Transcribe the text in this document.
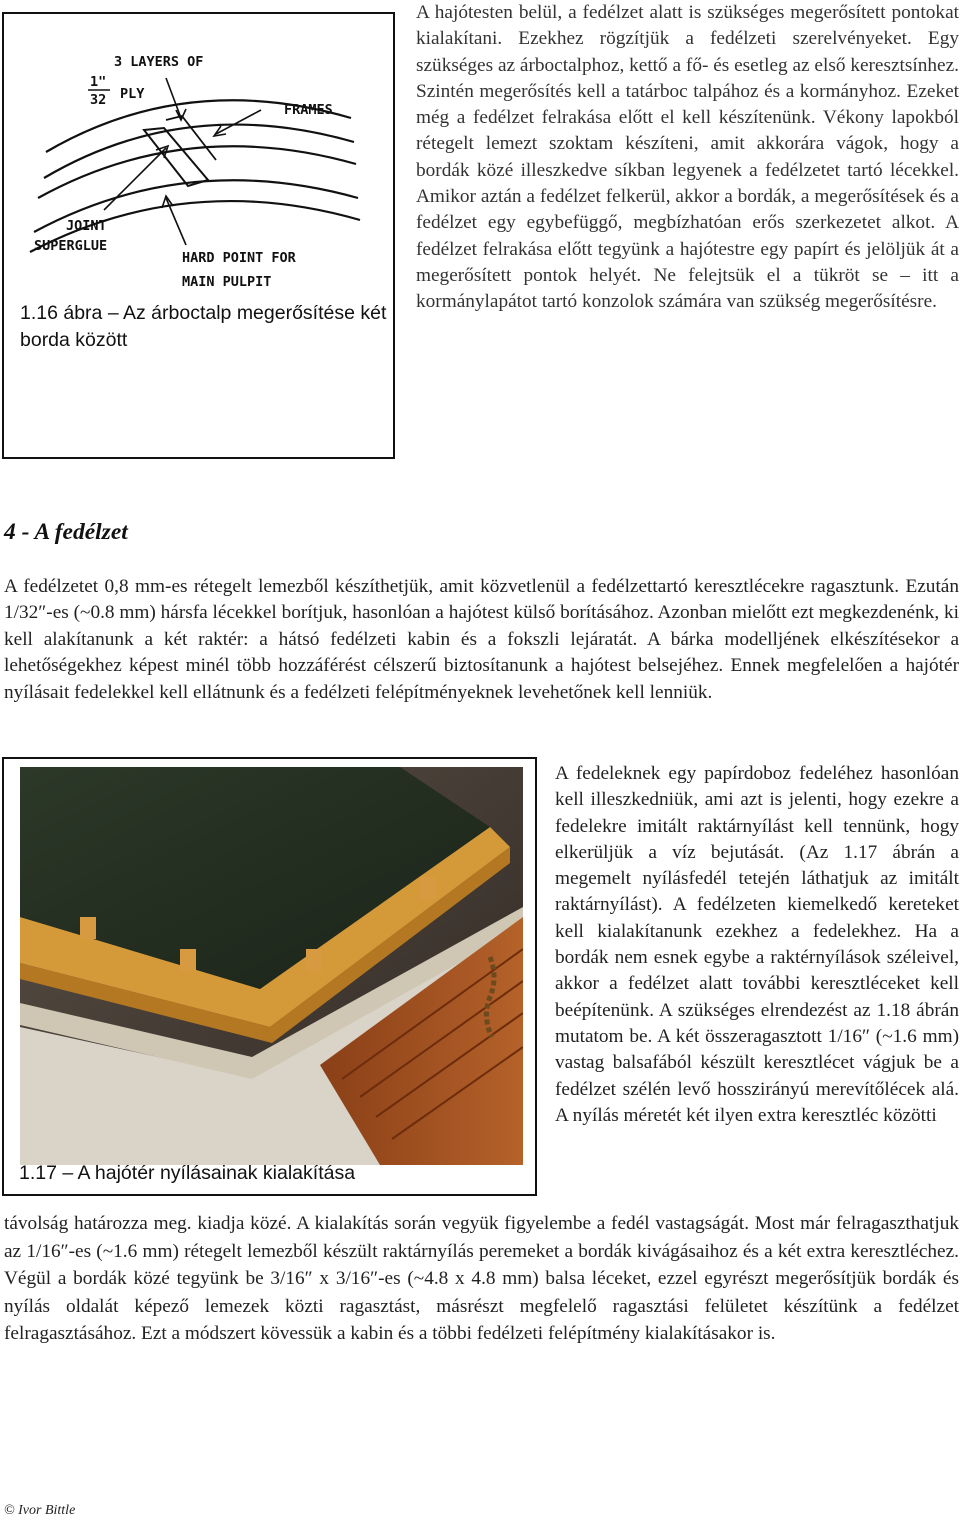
3 LAYERS OF
1"
32 PLY
FRAMES
JOINT
SUPERGLUE
HARD POINT FOR
MAIN PULPIT
1.16 ábra – Az árboctalp megerősítése két borda között

A hajótesten belül, a fedélzet alatt is szükséges megerősített pontokat kialakítani. Ezekhez rögzítjük a fedélzeti szerelvényeket. Egy szükséges az árboctalphoz, kettő a fő- és esetleg az első keresztsínhez. Szintén megerősítés kell a tatárboc talpához és a kormányhoz. Ezeket még a fedélzet felrakása előtt el kell készítenünk. Vékony lapokból rétegelt lemezt szoktam készíteni, amit akkorára vágok, hogy a bordák közé illeszkedve síkban legyenek a fedélzetet tartó lécekkel. Amikor aztán a fedélzet felkerül, akkor a bordák, a megerősítések és a fedélzet egy egybefüggő, megbízhatóan erős szerkezetet alkot. A fedélzet felrakása előtt tegyünk a hajótestre egy papírt és jelöljük át a megerősített pontok helyét. Ne felejtsük el a tükröt se – itt a kormánylapátot tartó konzolok számára van szükség megerősítésre.

4 - A fedélzet
A fedélzetet 0,8 mm-es rétegelt lemezből készíthetjük, amit közvetlenül a fedélzettartó keresztlécekre ragasztunk. Ezután 1/32″-es (~0.8 mm) hársfa lécekkel borítjuk, hasonlóan a hajótest külső borításához. Azonban mielőtt ezt megkezdenénk, ki kell alakítanunk a két raktér: a hátsó fedélzeti kabin és a fokszli lejáratát. A bárka modelljének elkészítésekor a lehetőségekhez képest minél több hozzáférést célszerű biztosítanunk a hajótest belsejéhez. Ennek megfelelően a hajótér nyílásait fedelekkel kell ellátnunk és a fedélzeti felépítményeknek levehetőnek kell lenniük.
1.17 – A hajótér nyílásainak kialakítása
A fedeleknek egy papírdoboz fedeléhez hasonlóan kell illeszkedniük, ami azt is jelenti, hogy ezekre a fedelekre imitált raktárnyílást kell tennünk, hogy elkerüljük a víz bejutását. (Az 1.17 ábrán a megemelt nyílásfedél tetején láthatjuk az imitált raktárnyílást). A fedélzeten kiemelkedő kereteket kell kialakítanunk ezekhez a fedelekhez. Ha a bordák nem esnek egybe a raktérnyílások széleivel, akkor a fedélzet alatt további keresztléceket kell beépítenünk. A szükséges elrendezést az 1.18 ábrán mutatom be. A két összeragasztott 1/16″ (~1.6 mm) vastag balsafából készült keresztlécet vágjuk be a fedélzet szélén levő hosszirányú merevítőlécek alá. A nyílás méretét két ilyen extra keresztléc közötti
távolság határozza meg. kiadja közé. A kialakítás során vegyük figyelembe a fedél vastagságát. Most már felragaszthatjuk az 1/16″-es (~1.6 mm) rétegelt lemezből készült raktárnyílás peremeket a bordák kivágásaihoz és a két extra keresztléchez. Végül a bordák közé tegyünk be 3/16″ x 3/16″-es (~4.8 x 4.8 mm) balsa léceket, ezzel egyrészt megerősítjük bordák és nyílás oldalát képező lemezek közti ragasztást, másrészt megfelelő ragasztási felületet készítünk a fedélzet felragasztásához. Ezt a módszert kövessük a kabin és a többi fedélzeti felépítmény kialakításakor is.
© Ivor Bittle
